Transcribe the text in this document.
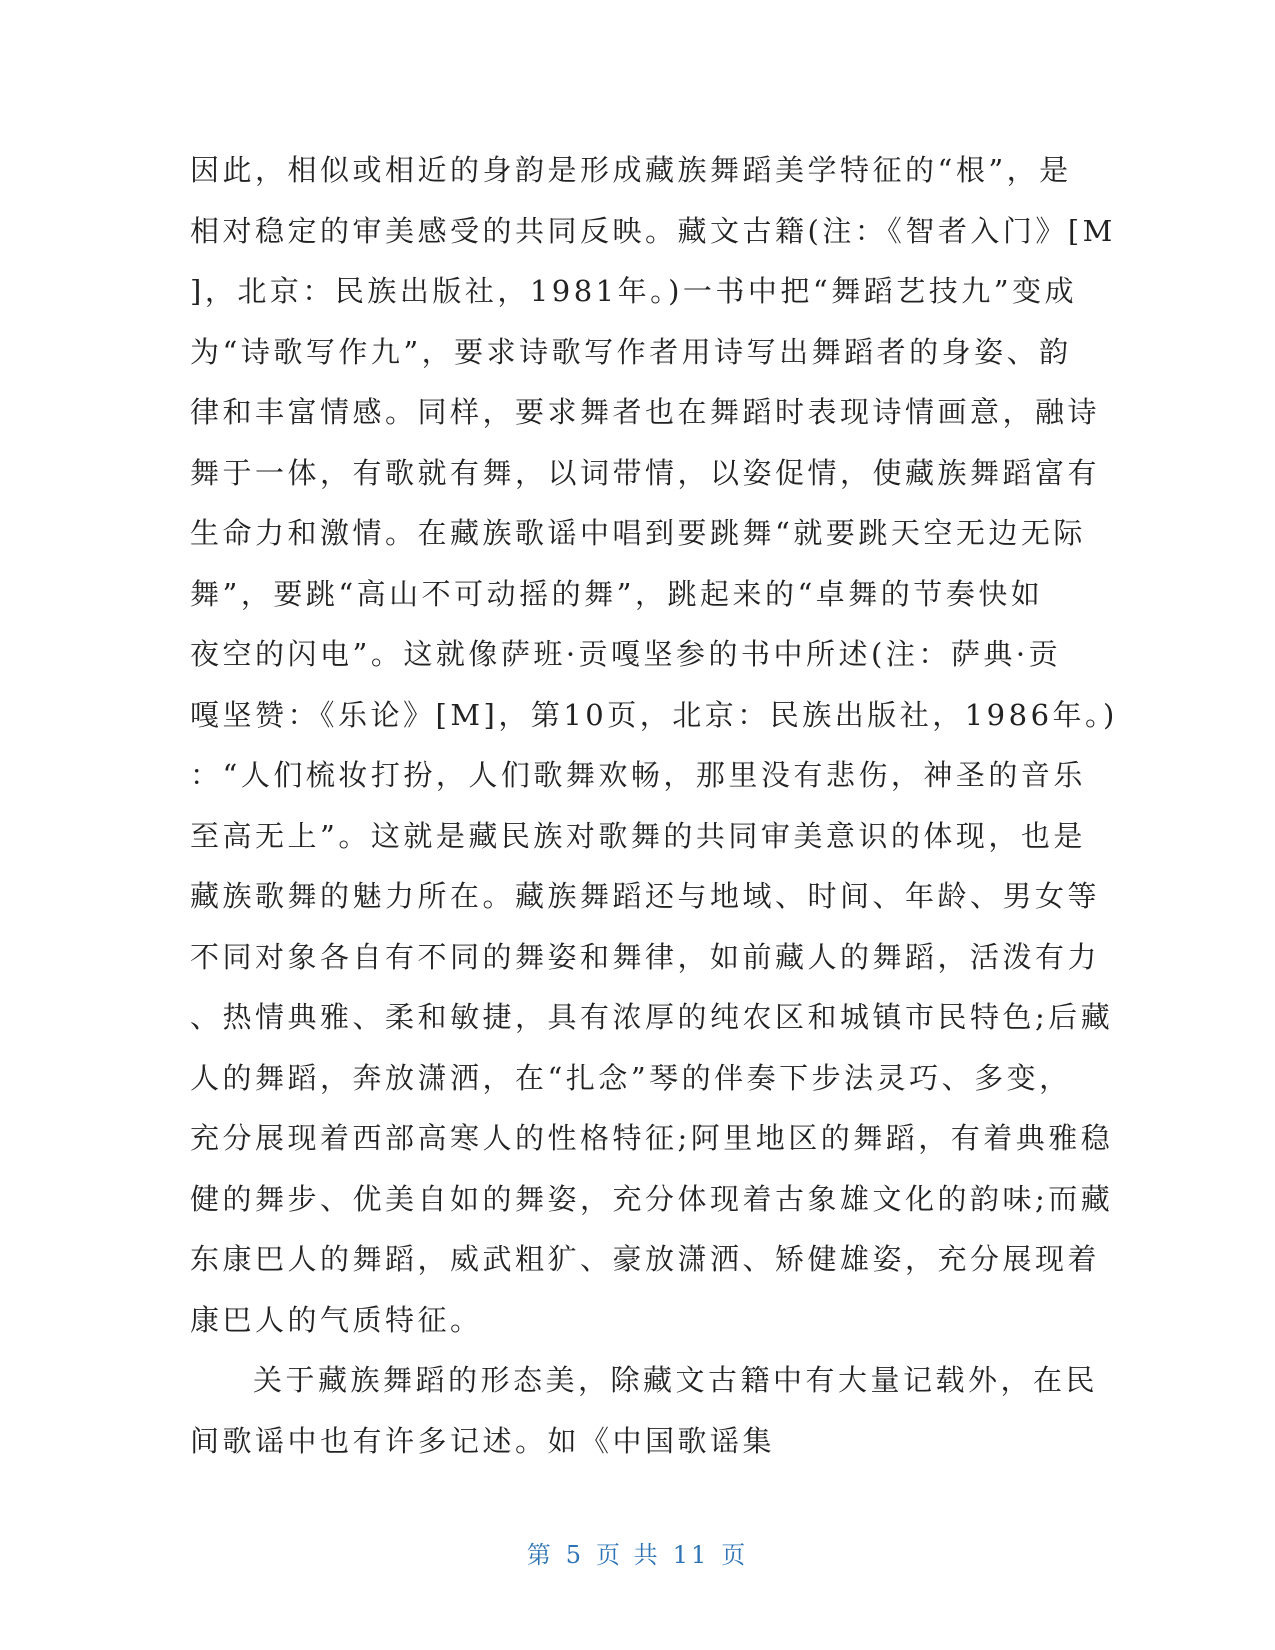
因此，相似或相近的身韵是形成藏族舞蹈美学特征的“根”，是
相对稳定的审美感受的共同反映。藏文古籍(注：《智者入门》[M
]，北京：民族出版社，1981年。)一书中把“舞蹈艺技九”变成
为“诗歌写作九”，要求诗歌写作者用诗写出舞蹈者的身姿、韵
律和丰富情感。同样，要求舞者也在舞蹈时表现诗情画意，融诗
舞于一体，有歌就有舞，以词带情，以姿促情，使藏族舞蹈富有
生命力和激情。在藏族歌谣中唱到要跳舞“就要跳天空无边无际
舞”，要跳“高山不可动摇的舞”，跳起来的“卓舞的节奏快如
夜空的闪电”。这就像萨班·贡嘎坚参的书中所述(注：萨典·贡
嘎坚赞：《乐论》[M]，第10页，北京：民族出版社，1986年。)
：“人们梳妆打扮，人们歌舞欢畅，那里没有悲伤，神圣的音乐
至高无上”。这就是藏民族对歌舞的共同审美意识的体现，也是
藏族歌舞的魅力所在。藏族舞蹈还与地域、时间、年龄、男女等
不同对象各自有不同的舞姿和舞律，如前藏人的舞蹈，活泼有力
、热情典雅、柔和敏捷，具有浓厚的纯农区和城镇市民特色;后藏
人的舞蹈，奔放潇洒，在“扎念”琴的伴奏下步法灵巧、多变，
充分展现着西部高寒人的性格特征;阿里地区的舞蹈，有着典雅稳
健的舞步、优美自如的舞姿，充分体现着古象雄文化的韵味;而藏
东康巴人的舞蹈，威武粗犷、豪放潇洒、矫健雄姿，充分展现着
康巴人的气质特征。
关于藏族舞蹈的形态美，除藏文古籍中有大量记载外，在民
间歌谣中也有许多记述。如《中国歌谣集
第 5 页 共 11 页
